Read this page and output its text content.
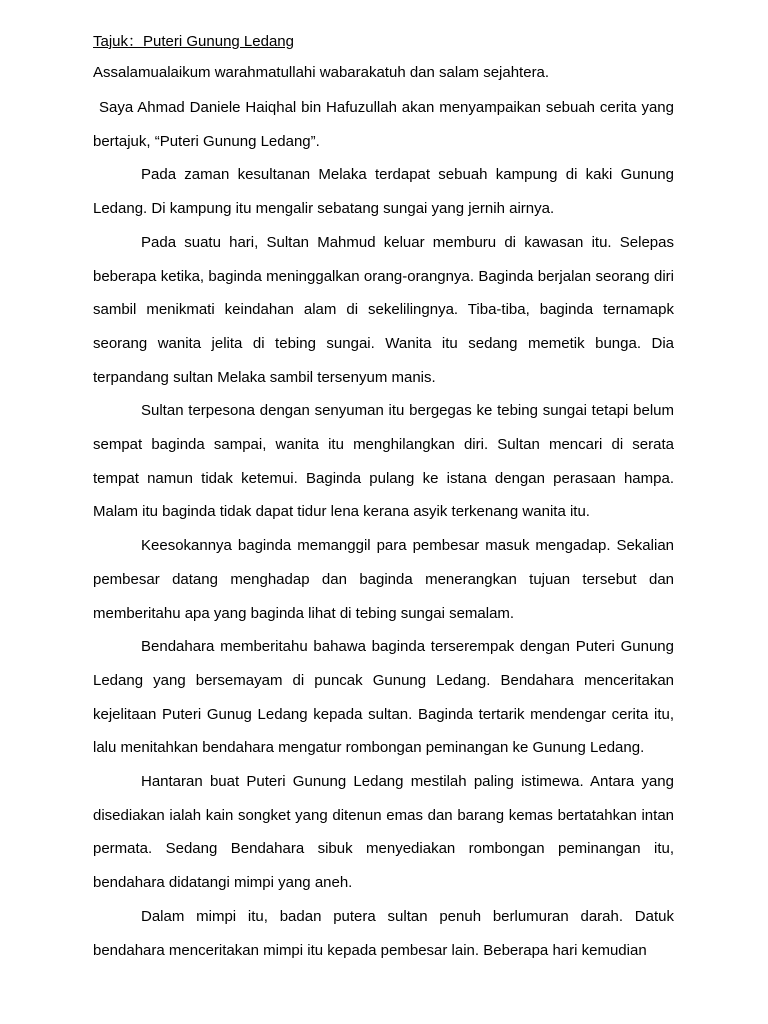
Tajuk：Puteri Gunung Ledang

Assalamualaikum warahmatullahi wabarakatuh dan salam sejahtera.

Saya Ahmad Daniele Haiqhal bin Hafuzullah akan menyampaikan sebuah cerita yang bertajuk, “Puteri Gunung Ledang”.

Pada zaman kesultanan Melaka terdapat sebuah kampung di kaki Gunung Ledang. Di kampung itu mengalir sebatang sungai yang jernih airnya.

Pada suatu hari, Sultan Mahmud keluar memburu di kawasan itu. Selepas beberapa ketika, baginda meninggalkan orang-orangnya. Baginda berjalan seorang diri sambil menikmati keindahan alam di sekelilingnya. Tiba-tiba, baginda ternamapk seorang wanita jelita di tebing sungai. Wanita itu sedang memetik bunga. Dia terpandang sultan Melaka sambil tersenyum manis.

Sultan terpesona dengan senyuman itu bergegas ke tebing sungai tetapi belum sempat baginda sampai, wanita itu menghilangkan diri. Sultan mencari di serata tempat namun tidak ketemui. Baginda pulang ke istana dengan perasaan hampa. Malam itu baginda tidak dapat tidur lena kerana asyik terkenang wanita itu.

Keesokannya baginda memanggil para pembesar masuk mengadap. Sekalian pembesar datang menghadap dan baginda menerangkan tujuan tersebut dan memberitahu apa yang baginda lihat di tebing sungai semalam.

Bendahara memberitahu bahawa baginda terserempak dengan Puteri Gunung Ledang yang bersemayam di puncak Gunung Ledang. Bendahara menceritakan kejelitaan Puteri Gunug Ledang kepada sultan. Baginda tertarik mendengar cerita itu, lalu menitahkan bendahara mengatur rombongan peminangan ke Gunung Ledang.

Hantaran buat Puteri Gunung Ledang mestilah paling istimewa. Antara yang disediakan ialah kain songket yang ditenun emas dan barang kemas bertatahkan intan permata. Sedang Bendahara sibuk menyediakan rombongan peminangan itu, bendahara didatangi mimpi yang aneh.

Dalam mimpi itu, badan putera sultan penuh berlumuran darah. Datuk bendahara menceritakan mimpi itu kepada pembesar lain. Beberapa hari kemudian
